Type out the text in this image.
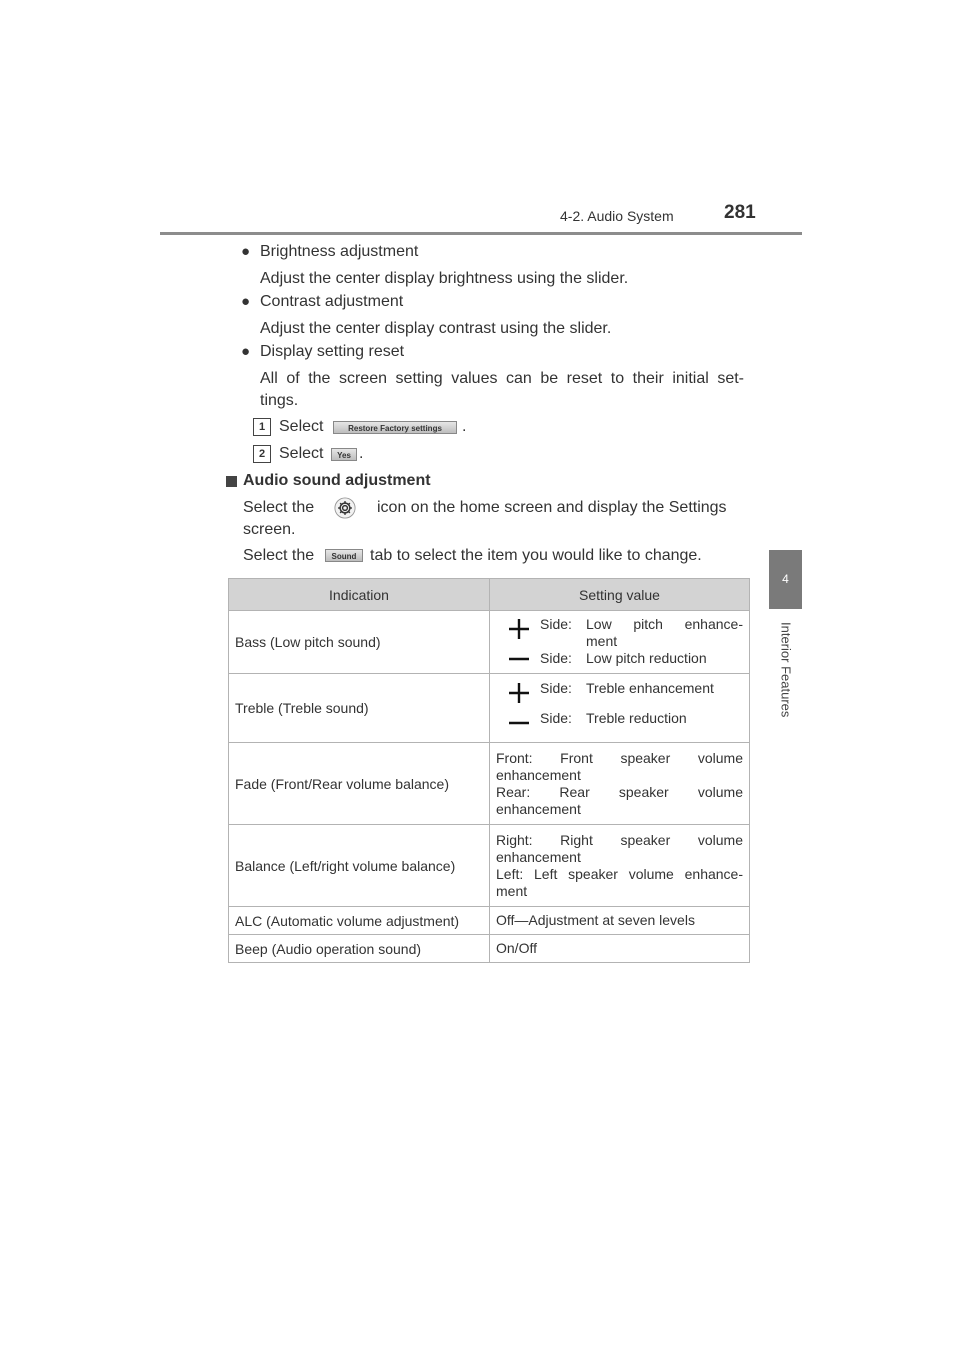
4-2. Audio System	281
4
Interior Features
● Brightness adjustment
Adjust the center display brightness using the slider.
● Contrast adjustment
Adjust the center display contrast using the slider.
● Display setting reset
All of the screen setting values can be reset to their initial set-
tings.
1 Select	Restore Factory settings	.
2 Select	Yes .
Audio sound adjustment
Select the	icon on the home screen and display the Settings
screen.
Select the	Sound tab to select the item you would like to change.
Indication	Setting value
Bass (Low pitch sound)	Side: Low pitch enhance-
ment
Side: Low pitch reduction

Treble (Treble sound)	Side: Treble enhancement
Side: Treble reduction

Fade (Front/Rear volume balance)	Front: Front speaker volume
enhancement
Rear: Rear speaker volume
enhancement

Balance (Left/right volume balance)	Right: Right speaker volume
enhancement
Left: Left speaker volume enhance-
ment

ALC (Automatic volume adjustment)	Off—Adjustment at seven levels
Beep (Audio operation sound)	On/Off
